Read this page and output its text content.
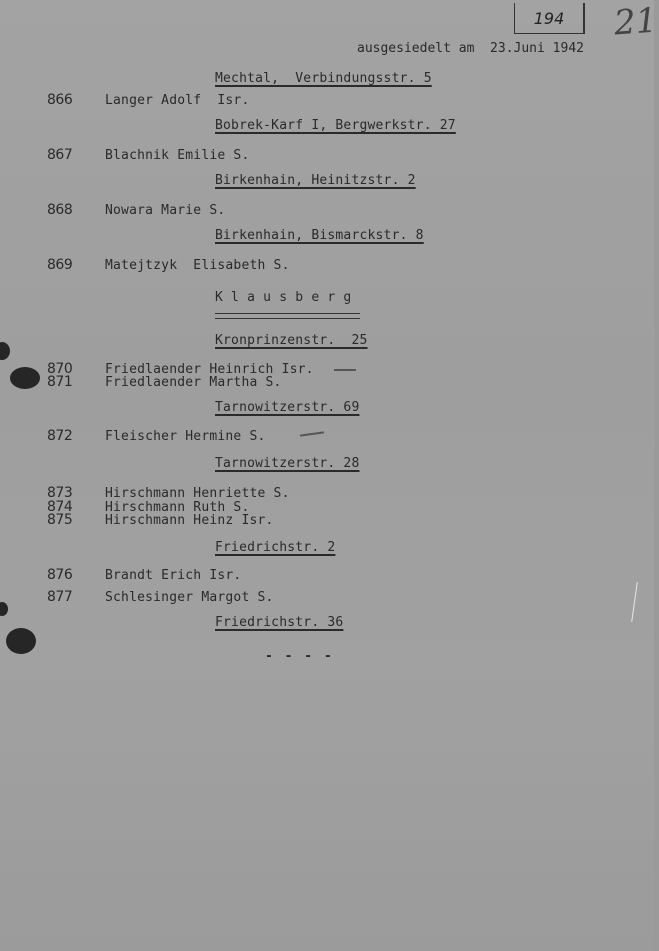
194	21
ausgesiedelt am  23.Juni 1942
Mechtal,  Verbindungsstr. 5
866	Langer Adolf  Isr.
Bobrek-Karf I, Bergwerkstr. 27
867	Blachnik Emilie S.
Birkenhain, Heinitzstr. 2
868	Nowara Marie S.
Birkenhain, Bismarckstr. 8
869	Matejtzyk  Elisabeth S.
K l a u s b e r g
Kronprinzenstr.  25
870	Friedlaender Heinrich Isr.
871	Friedlaender Martha S.
Tarnowitzerstr. 69
872	Fleischer Hermine S.
Tarnowitzerstr. 28
873	Hirschmann Henriette S.
874	Hirschmann Ruth S.
875	Hirschmann Heinz Isr.
Friedrichstr. 2
876	Brandt Erich Isr.
877	Schlesinger Margot S.
Friedrichstr. 36
- - - -
